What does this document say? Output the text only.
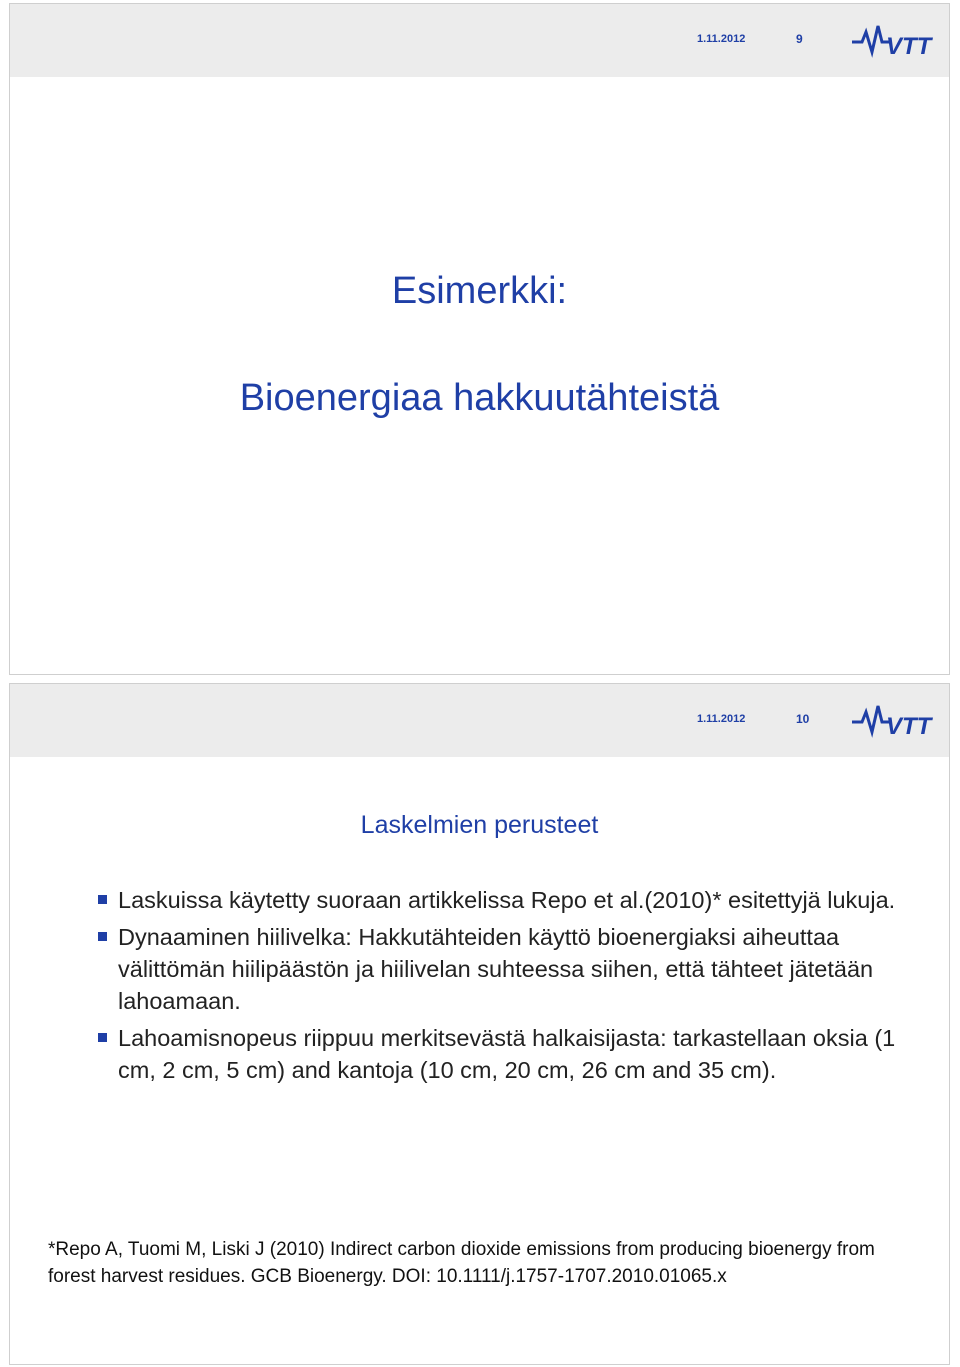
1.11.2012	9	VTT
Esimerkki:
Bioenergiaa hakkuutähteistä
1.11.2012	10	VTT
Laskelmien perusteet
Laskuissa käytetty suoraan artikkelissa Repo et al.(2010)* esitettyjä lukuja.
Dynaaminen hiilivelka: Hakkutähteiden käyttö bioenergiaksi aiheuttaa välittömän hiilipäästön ja hiilivelan suhteessa siihen, että tähteet jätetään lahoamaan.
Lahoamisnopeus riippuu merkitsevästä halkaisijasta: tarkastellaan oksia (1 cm, 2 cm, 5 cm) and kantoja (10 cm, 20 cm, 26 cm and 35 cm).
*Repo A, Tuomi M, Liski J (2010) Indirect carbon dioxide emissions from producing bioenergy from forest harvest residues. GCB Bioenergy. DOI: 10.1111/j.1757-1707.2010.01065.x
